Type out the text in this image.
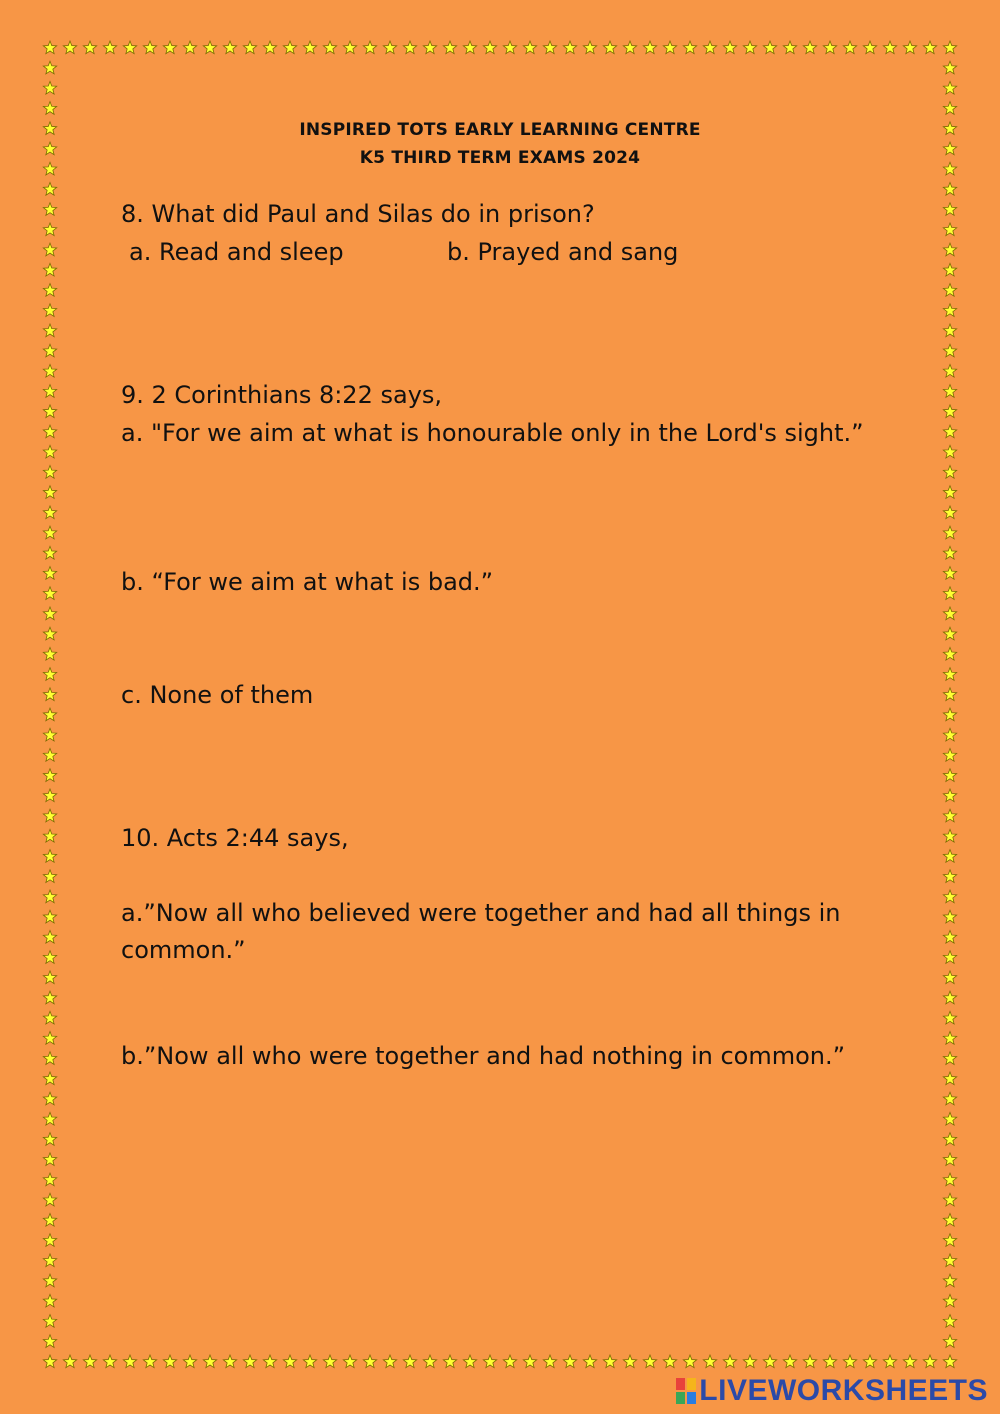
INSPIRED TOTS EARLY LEARNING CENTRE
K5 THIRD TERM EXAMS 2024
8. What did Paul and Silas do in prison?
a. Read and sleep	b. Prayed and sang
9. 2 Corinthians 8:22 says,
a. "For we aim at what is honourable only in the Lord's sight.”
b. “For we aim at what is bad.”
c. None of them
10. Acts 2:44 says,
a.”Now all who believed were together and had all things in common.”
b.”Now all who were together and had nothing in common.”
LIVEWORKSHEETS
